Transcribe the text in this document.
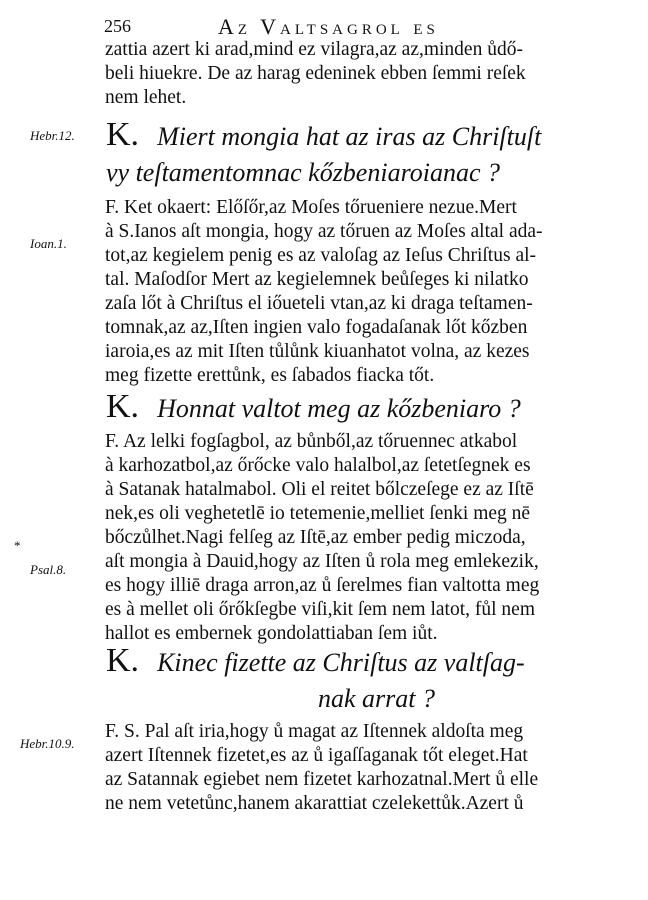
256	Az Valtsagrol es
Hebr.12.
Ioan.1.
*
Psal.8.
Hebr.10.9.
zattia azert ki arad,mind ez vilagra,az az,minden ůdő-
beli hiuekre. De az harag edeninek ebben ſemmi reſek
nem lehet.
K. Miert mongia hat az iras az Chriſtuſt
vy teſtamentomnac kőzbeniaroianac ?
F. Ket okaert: Előſőr,az Moſes tőrueniere nezue.Mert
à S.Ianos aſt mongia, hogy az tőruen az Moſes altal ada-
tot,az kegielem penig es az valoſag az Ieſus Chriſtus al-
tal. Maſodſor Mert az kegielemnek beůſeges ki nilatko
zaſa lőt à Chriſtus el iőueteli vtan,az ki draga teſtamen-
tomnak,az az,Iſten ingien valo fogadaſanak lőt kőzben
iaroia,es az mit Iſten tůlůnk kiuanhatot volna, az kezes
meg fizette erettůnk, es ſabados fiacka tőt.
K. Honnat valtot meg az kőzbeniaro ?
F. Az lelki fogſagbol, az bůnből,az tőruennec atkabol
à karhozatbol,az őrőcke valo halalbol,az ſetetſegnek es
à Satanak hatalmabol. Oli el reitet bőlczeſege ez az Iſtē
nek,es oli veghetetlē io tetemenie,melliet ſenki meg nē
bőczůlhet.Nagi felſeg az Iſtē,az ember pedig miczoda,
aſt mongia à Dauid,hogy az Iſten ů rola meg emlekezik,
es hogy illiē draga arron,az ů ſerelmes fian valtotta meg
es à mellet oli őrőkſegbe viſi,kit ſem nem latot, fůl nem
hallot es embernek gondolattiaban ſem iůt.
K. Kinec fizette az Chriſtus az valtſag-
nak arrat ?
F. S. Pal aſt iria,hogy ů magat az Iſtennek aldoſta meg
azert Iſtennek fizetet,es az ů igaſſaganak tőt eleget.Hat
az Satannak egiebet nem fizetet karhozatnal.Mert ů elle
ne nem vetetůnc,hanem akarattiat czelekettůk.Azert ů
